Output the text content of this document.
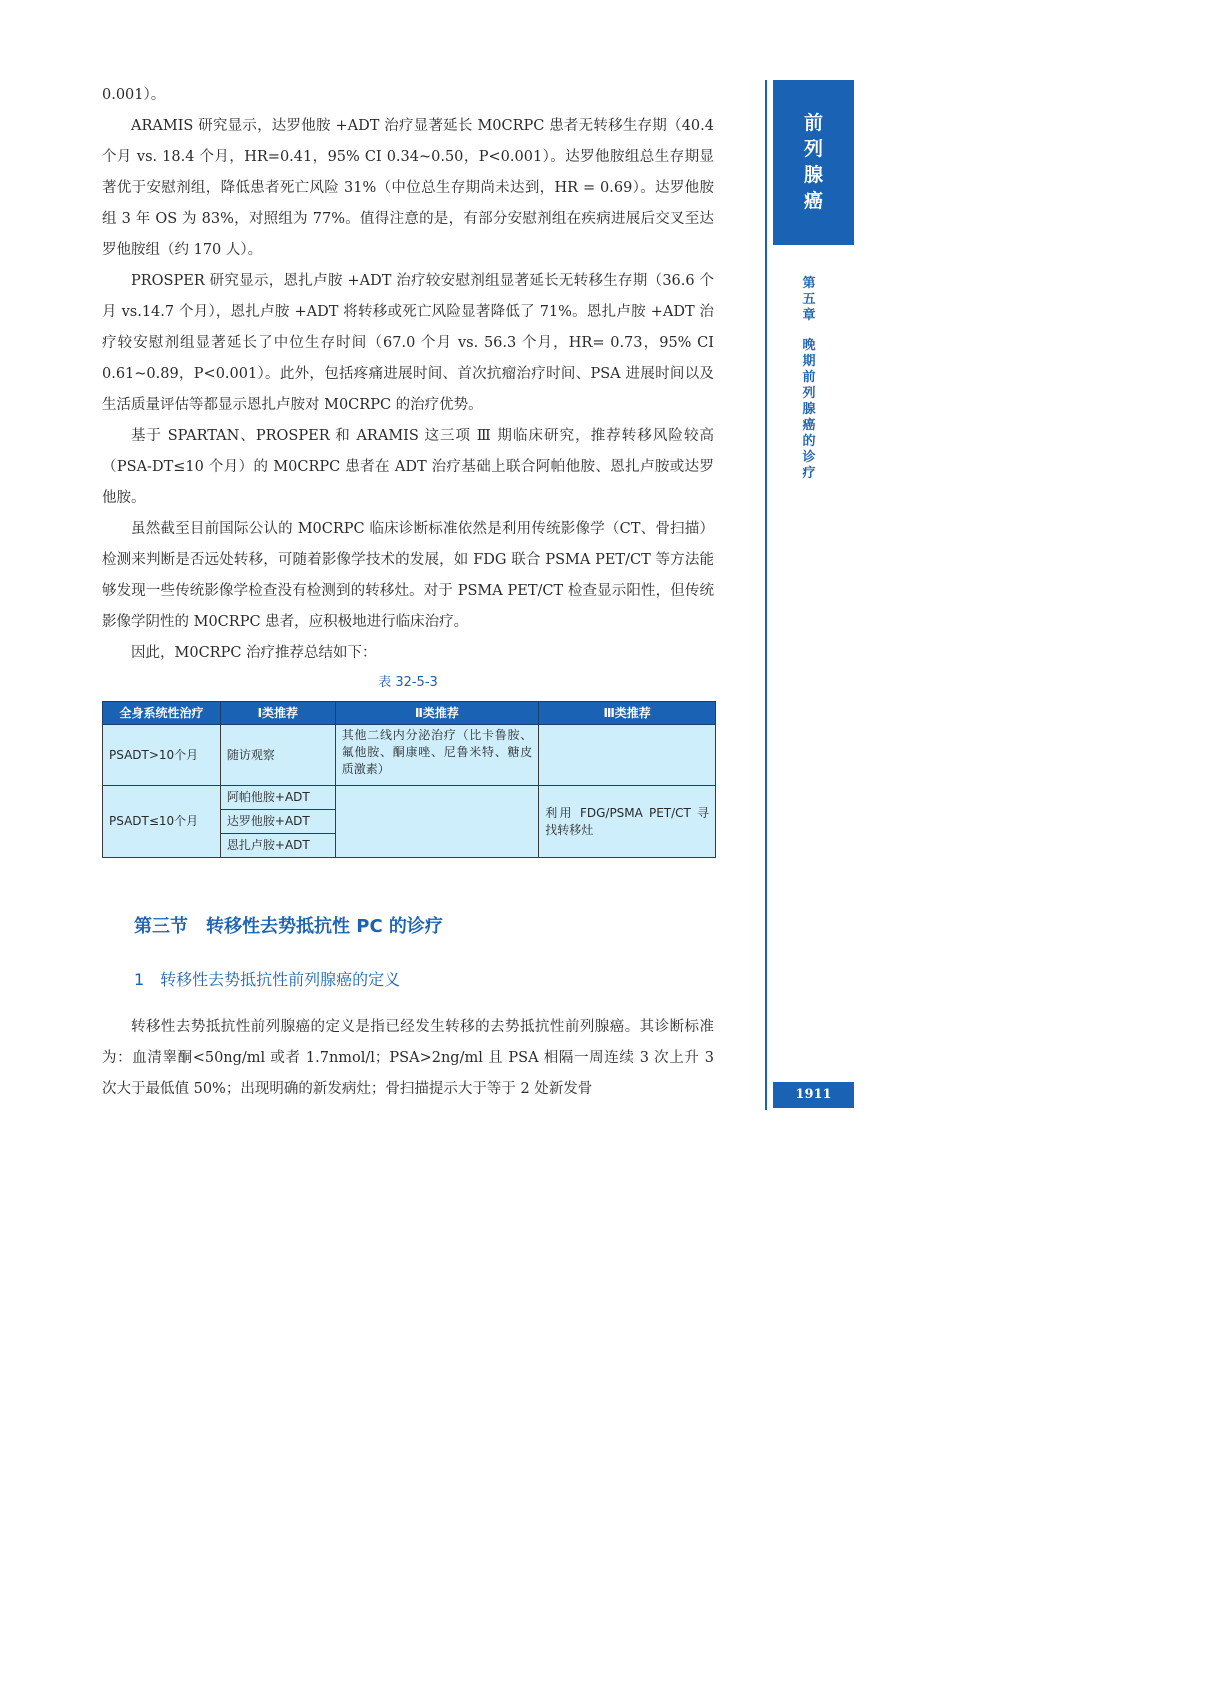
0.001）。

ARAMIS 研究显示，达罗他胺 +ADT 治疗显著延长 M0CRPC 患者无转移生存期（40.4 个月 vs. 18.4 个月，HR=0.41，95% CI 0.34~0.50，P<0.001）。达罗他胺组总生存期显著优于安慰剂组，降低患者死亡风险 31%（中位总生存期尚未达到，HR = 0.69）。达罗他胺组 3 年 OS 为 83%，对照组为 77%。值得注意的是，有部分安慰剂组在疾病进展后交叉至达罗他胺组（约 170 人）。

PROSPER 研究显示，恩扎卢胺 +ADT 治疗较安慰剂组显著延长无转移生存期（36.6 个月 vs.14.7 个月），恩扎卢胺 +ADT 将转移或死亡风险显著降低了 71%。恩扎卢胺 +ADT 治疗较安慰剂组显著延长了中位生存时间（67.0 个月 vs. 56.3 个月，HR= 0.73，95% CI 0.61~0.89，P<0.001）。此外，包括疼痛进展时间、首次抗瘤治疗时间、PSA 进展时间以及生活质量评估等都显示恩扎卢胺对 M0CRPC 的治疗优势。

基于 SPARTAN、PROSPER 和 ARAMIS 这三项 Ⅲ 期临床研究，推荐转移风险较高（PSA-DT≤10 个月）的 M0CRPC 患者在 ADT 治疗基础上联合阿帕他胺、恩扎卢胺或达罗他胺。

虽然截至目前国际公认的 M0CRPC 临床诊断标准依然是利用传统影像学（CT、骨扫描）检测来判断是否远处转移，可随着影像学技术的发展，如 FDG 联合 PSMA PET/CT 等方法能够发现一些传统影像学检查没有检测到的转移灶。对于 PSMA PET/CT 检查显示阳性，但传统影像学阴性的 M0CRPC 患者，应积极地进行临床治疗。

因此，M0CRPC 治疗推荐总结如下：

表 32-5-3
全身系统性治疗	Ⅰ类推荐	Ⅱ类推荐	Ⅲ类推荐
PSADT>10个月	随访观察	其他二线内分泌治疗（比卡鲁胺、氟他胺、酮康唑、尼鲁米特、糖皮质激素）	
PSADT≤10个月	阿帕他胺+ADT		利用 FDG/PSMA PET/CT 寻找转移灶
	达罗他胺+ADT		
	恩扎卢胺+ADT		
第三节　转移性去势抵抗性 PC 的诊疗
1　转移性去势抵抗性前列腺癌的定义

转移性去势抵抗性前列腺癌的定义是指已经发生转移的去势抵抗性前列腺癌。其诊断标准为：血清睾酮<50ng/ml 或者 1.7nmol/l；PSA>2ng/ml 且 PSA 相隔一周连续 3 次上升 3 次大于最低值 50%；出现明确的新发病灶；骨扫描提示大于等于 2 处新发骨

前
列
腺
癌
第
五
章
晚
期
前
列
腺
癌
的
诊
疗
1911
